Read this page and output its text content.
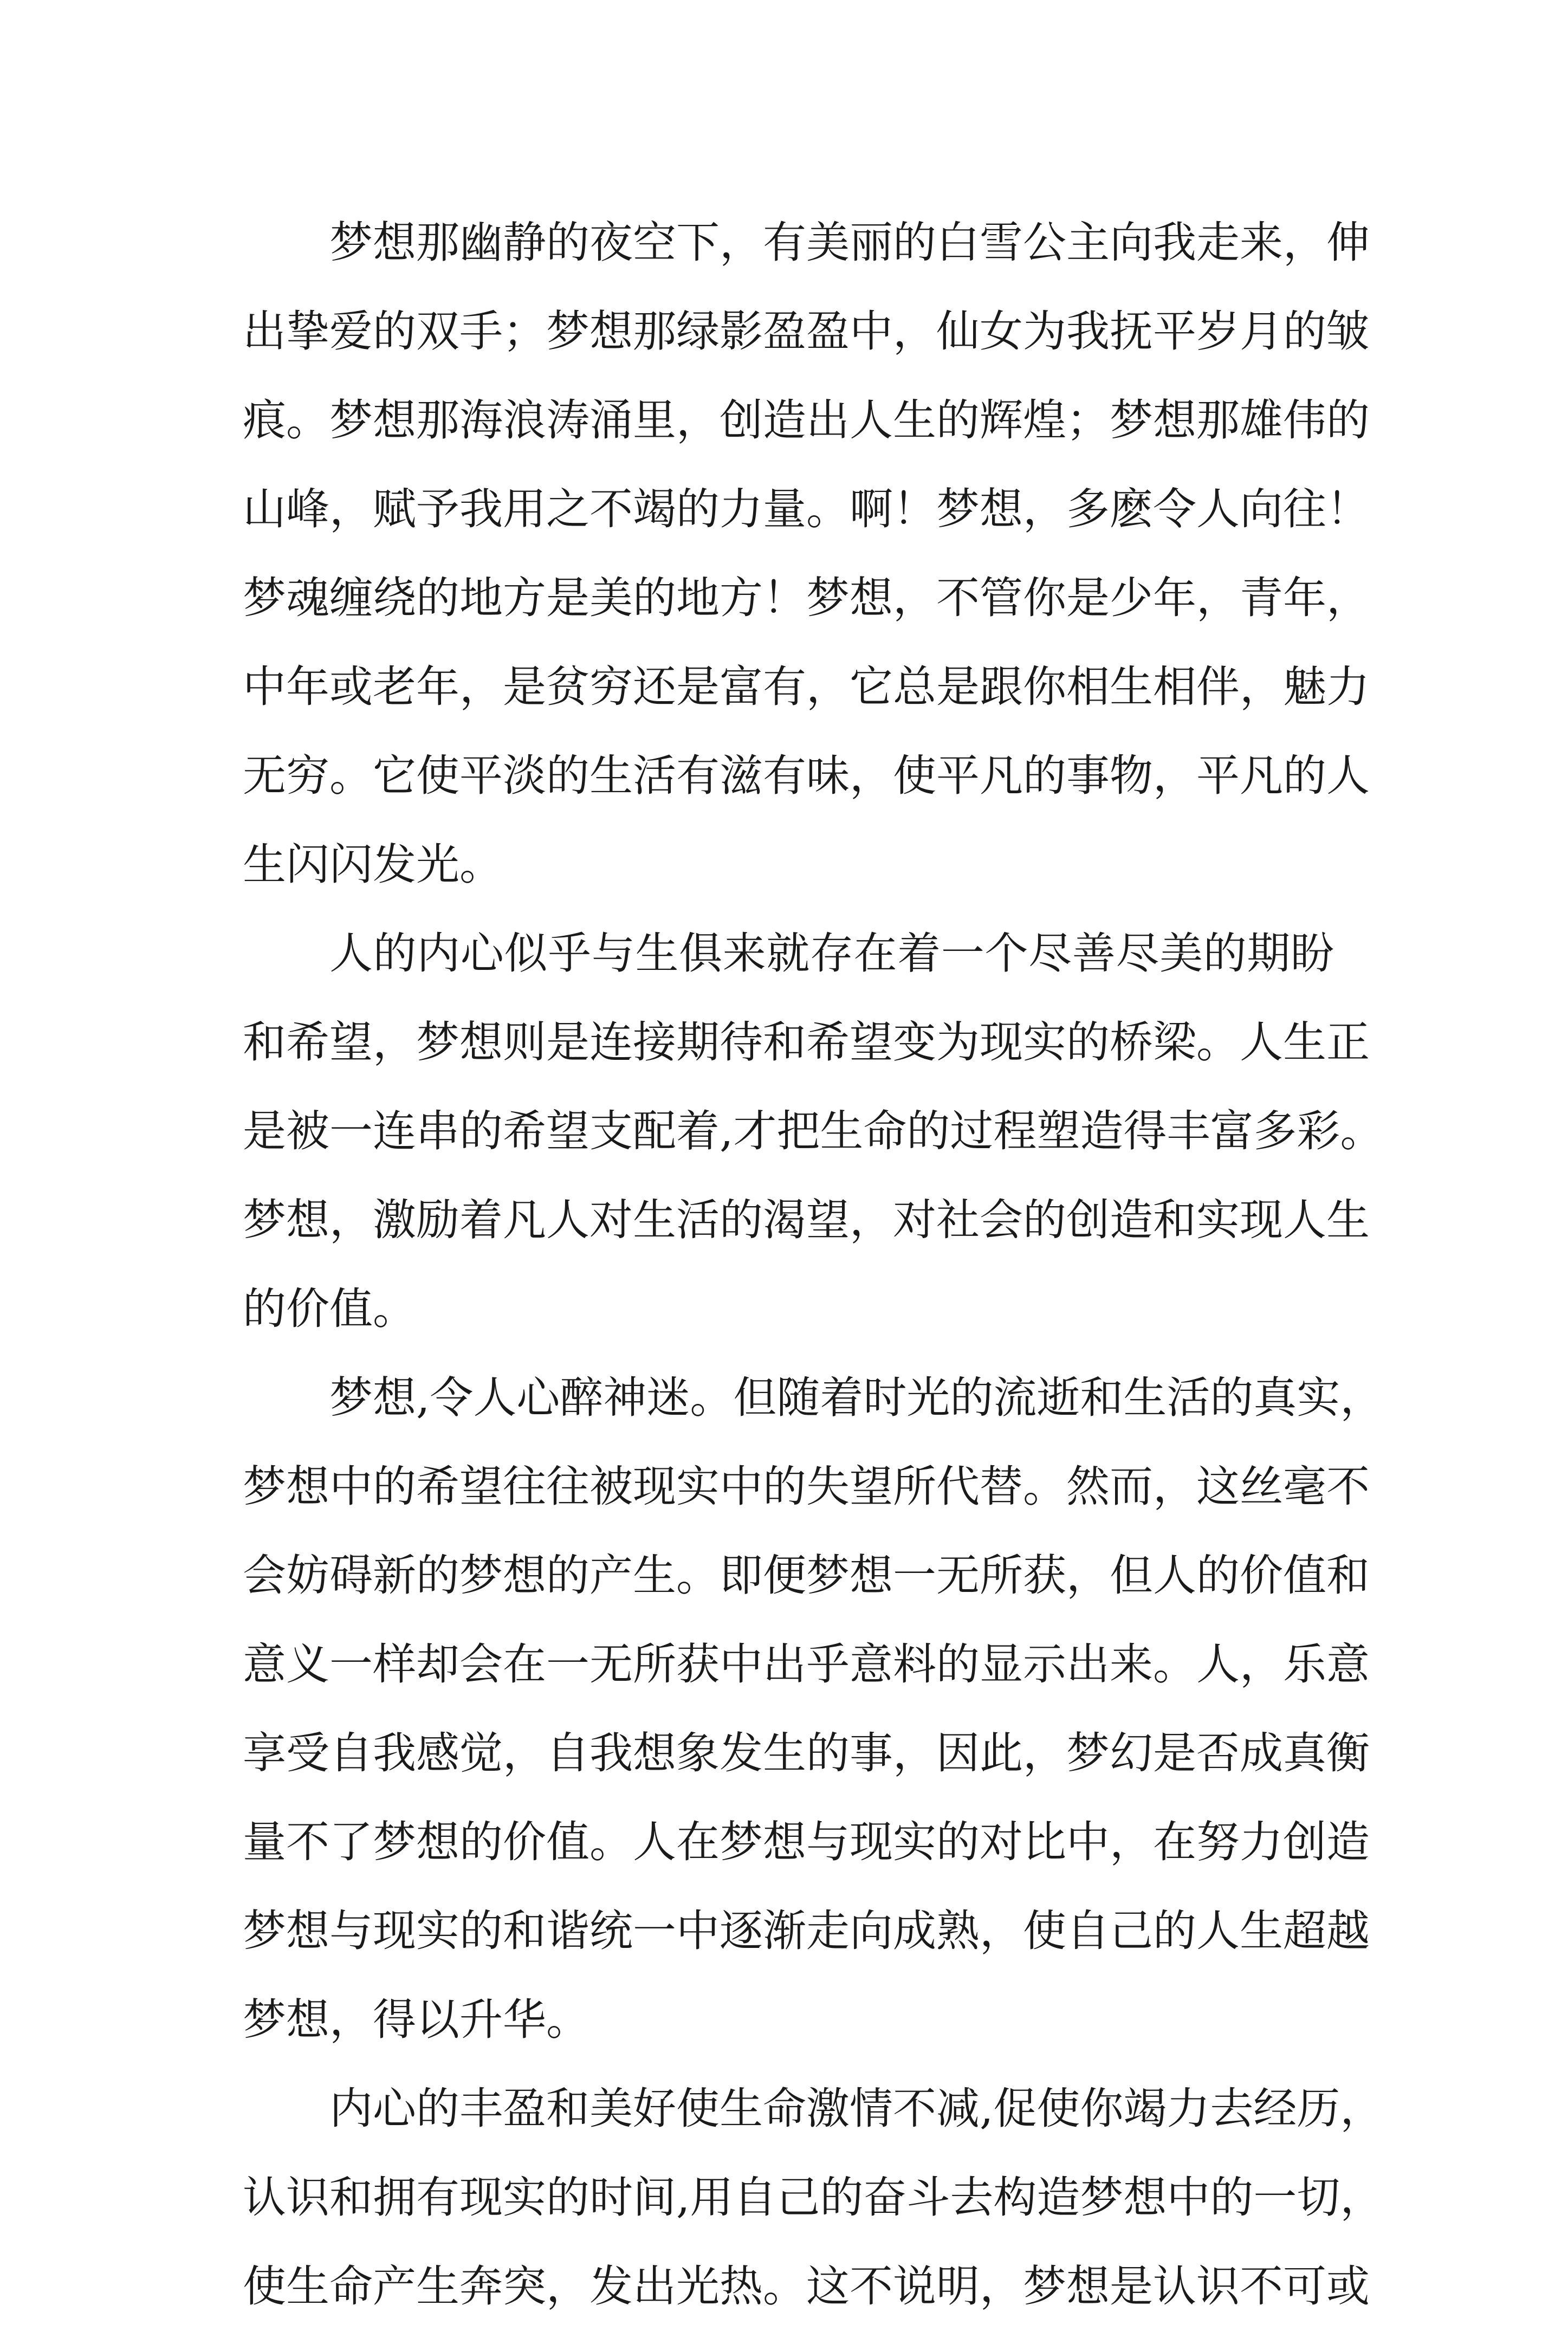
梦想那幽静的夜空下，有美丽的白雪公主向我走来，伸
出挚爱的双手；梦想那绿影盈盈中，仙女为我抚平岁月的皱
痕。梦想那海浪涛涌里，创造出人生的辉煌；梦想那雄伟的
山峰，赋予我用之不竭的力量。啊！梦想，多麽令人向往！
梦魂缠绕的地方是美的地方！梦想，不管你是少年，青年，
中年或老年，是贫穷还是富有，它总是跟你相生相伴，魅力
无穷。它使平淡的生活有滋有味，使平凡的事物，平凡的人
生闪闪发光。
人的内心似乎与生俱来就存在着一个尽善尽美的期盼
和希望，梦想则是连接期待和希望变为现实的桥梁。人生正
是被一连串的希望支配着,才把生命的过程塑造得丰富多彩。
梦想，激励着凡人对生活的渴望，对社会的创造和实现人生
的价值。
梦想,令人心醉神迷。但随着时光的流逝和生活的真实，
梦想中的希望往往被现实中的失望所代替。然而，这丝毫不
会妨碍新的梦想的产生。即便梦想一无所获，但人的价值和
意义一样却会在一无所获中出乎意料的显示出来。人，乐意
享受自我感觉，自我想象发生的事，因此，梦幻是否成真衡
量不了梦想的价值。人在梦想与现实的对比中，在努力创造
梦想与现实的和谐统一中逐渐走向成熟，使自己的人生超越
梦想，得以升华。
内心的丰盈和美好使生命激情不减,促使你竭力去经历，
认识和拥有现实的时间,用自己的奋斗去构造梦想中的一切，
使生命产生奔突，发出光热。这不说明，梦想是认识不可或
